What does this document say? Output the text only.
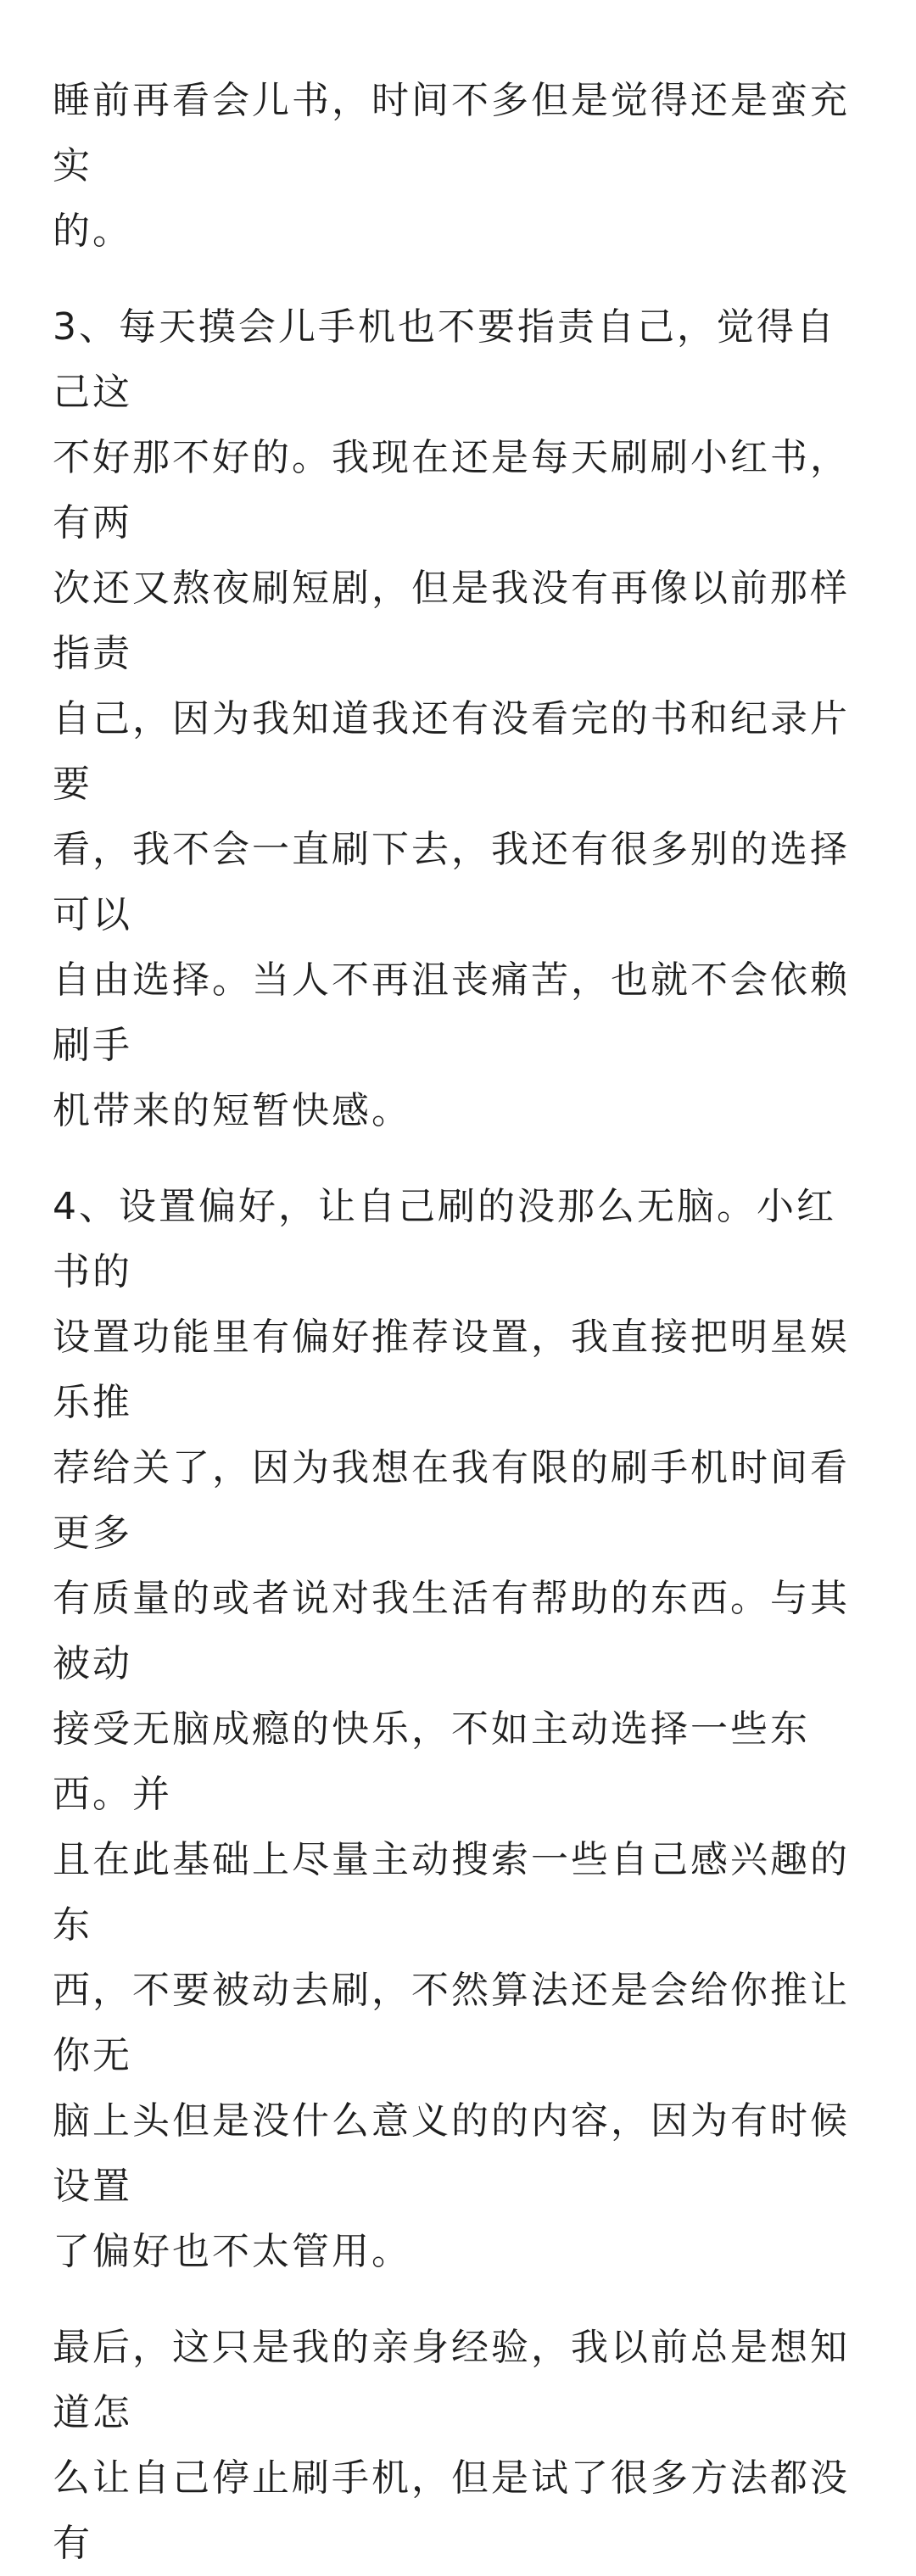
睡前再看会儿书，时间不多但是觉得还是蛮充实
的。

3、每天摸会儿手机也不要指责自己，觉得自己这
不好那不好的。我现在还是每天刷刷小红书，有两
次还又熬夜刷短剧，但是我没有再像以前那样指责
自己，因为我知道我还有没看完的书和纪录片要
看，我不会一直刷下去，我还有很多别的选择可以
自由选择。当人不再沮丧痛苦，也就不会依赖刷手
机带来的短暂快感。

4、设置偏好，让自己刷的没那么无脑。小红书的
设置功能里有偏好推荐设置，我直接把明星娱乐推
荐给关了，因为我想在我有限的刷手机时间看更多
有质量的或者说对我生活有帮助的东西。与其被动
接受无脑成瘾的快乐，不如主动选择一些东西。并
且在此基础上尽量主动搜索一些自己感兴趣的东
西，不要被动去刷，不然算法还是会给你推让你无
脑上头但是没什么意义的的内容，因为有时候设置
了偏好也不太管用。

最后，这只是我的亲身经验，我以前总是想知道怎
么让自己停止刷手机，但是试了很多方法都没有
